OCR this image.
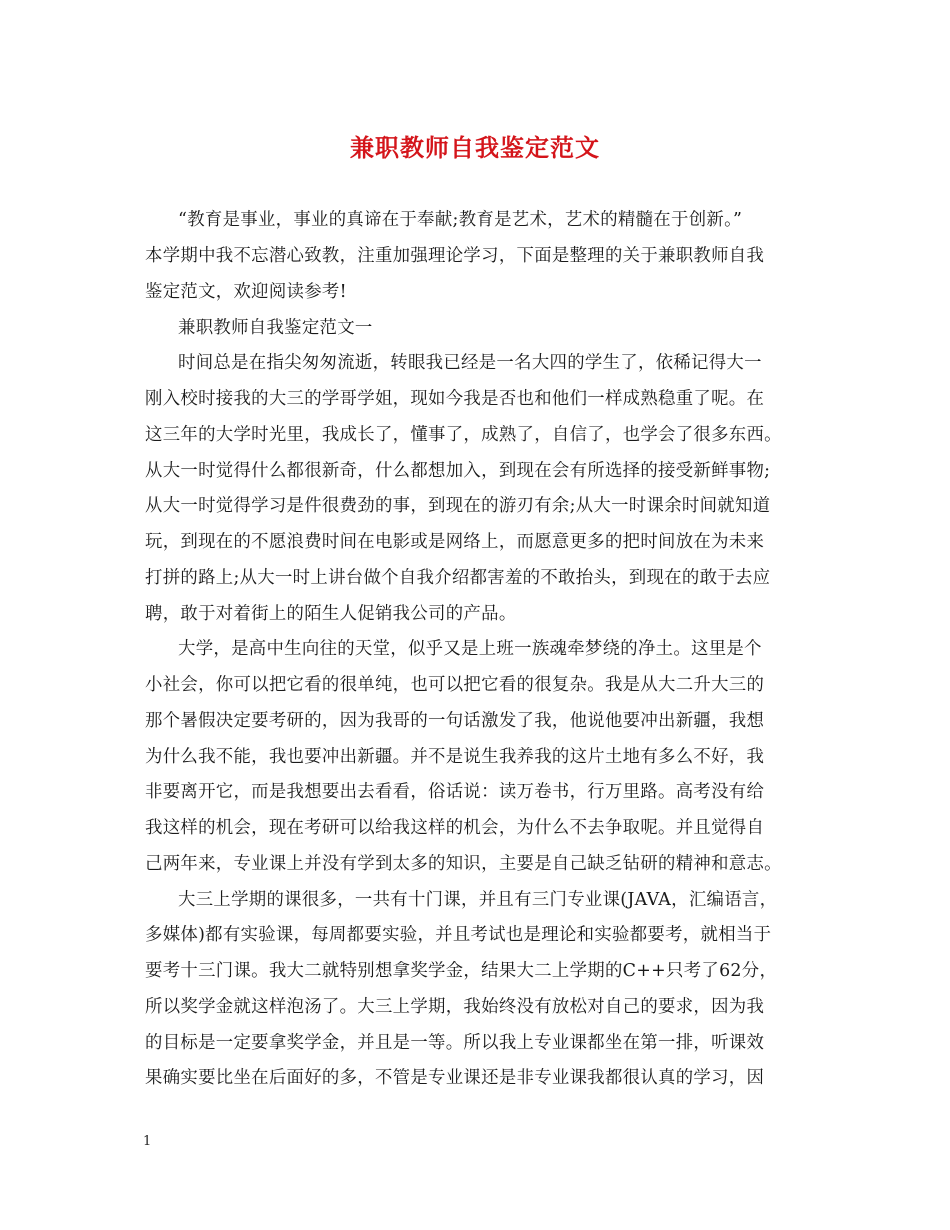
兼职教师自我鉴定范文
“教育是事业，事业的真谛在于奉献;教育是艺术，艺术的精髓在于创新。”
本学期中我不忘潜心致教，注重加强理论学习，下面是整理的关于兼职教师自我
鉴定范文，欢迎阅读参考!
兼职教师自我鉴定范文一
时间总是在指尖匆匆流逝，转眼我已经是一名大四的学生了，依稀记得大一
刚入校时接我的大三的学哥学姐，现如今我是否也和他们一样成熟稳重了呢。在
这三年的大学时光里，我成长了，懂事了，成熟了，自信了，也学会了很多东西。
从大一时觉得什么都很新奇，什么都想加入，到现在会有所选择的接受新鲜事物;
从大一时觉得学习是件很费劲的事，到现在的游刃有余;从大一时课余时间就知道
玩，到现在的不愿浪费时间在电影或是网络上，而愿意更多的把时间放在为未来
打拼的路上;从大一时上讲台做个自我介绍都害羞的不敢抬头，到现在的敢于去应
聘，敢于对着街上的陌生人促销我公司的产品。
大学，是高中生向往的天堂，似乎又是上班一族魂牵梦绕的净土。这里是个
小社会，你可以把它看的很单纯，也可以把它看的很复杂。我是从大二升大三的
那个暑假决定要考研的，因为我哥的一句话激发了我，他说他要冲出新疆，我想
为什么我不能，我也要冲出新疆。并不是说生我养我的这片土地有多么不好，我
非要离开它，而是我想要出去看看，俗话说：读万卷书，行万里路。高考没有给
我这样的机会，现在考研可以给我这样的机会，为什么不去争取呢。并且觉得自
己两年来，专业课上并没有学到太多的知识，主要是自己缺乏钻研的精神和意志。
大三上学期的课很多，一共有十门课，并且有三门专业课(JAVA，汇编语言，
多媒体)都有实验课，每周都要实验，并且考试也是理论和实验都要考，就相当于
要考十三门课。我大二就特别想拿奖学金，结果大二上学期的C++只考了62分，
所以奖学金就这样泡汤了。大三上学期，我始终没有放松对自己的要求，因为我
的目标是一定要拿奖学金，并且是一等。所以我上专业课都坐在第一排，听课效
果确实要比坐在后面好的多，不管是专业课还是非专业课我都很认真的学习，因
1
